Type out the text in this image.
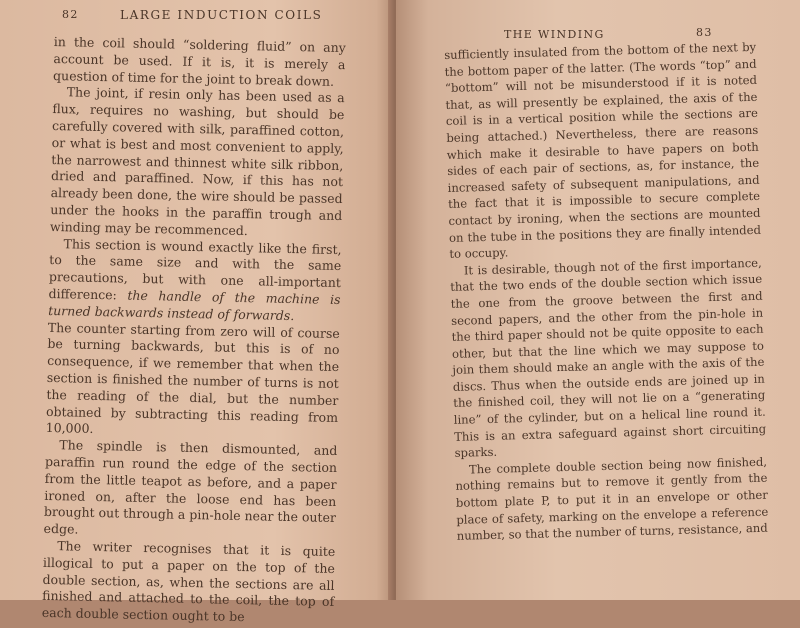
82	LARGE INDUCTION COILS

in the coil should “soldering fluid” on any account be used. If it is, it is merely a question of time for the joint to break down.

The joint, if resin only has been used as a flux, requires no washing, but should be carefully covered with silk, paraffined cotton, or what is best and most convenient to apply, the narrowest and thinnest white silk ribbon, dried and paraffined. Now, if this has not already been done, the wire should be passed under the hooks in the paraffin trough and winding may be recommenced.

This section is wound exactly like the first, to the same size and with the same precautions, but with one all-important difference: the handle of the machine is turned backwards instead of forwards.

The counter starting from zero will of course be turning backwards, but this is of no consequence, if we remember that when the section is finished the number of turns is not the reading of the dial, but the number obtained by subtracting this reading from 10,000.

The spindle is then dismounted, and paraffin run round the edge of the section from the little teapot as before, and a paper ironed on, after the loose end has been brought out through a pin-hole near the outer edge.

The writer recognises that it is quite illogical to put a paper on the top of the double section, as, when the sections are all finished and attached to the coil, the top of each double section ought to be

THE WINDING	83

sufficiently insulated from the bottom of the next by the bottom paper of the latter. (The words “top” and “bottom” will not be misunderstood if it is noted that, as will presently be explained, the axis of the coil is in a vertical position while the sections are being attached.) Nevertheless, there are reasons which make it desirable to have papers on both sides of each pair of sections, as, for instance, the increased safety of subsequent manipulations, and the fact that it is impossible to secure complete contact by ironing, when the sections are mounted on the tube in the positions they are finally intended to occupy.

It is desirable, though not of the first importance, that the two ends of the double section which issue the one from the groove between the first and second papers, and the other from the pin-hole in the third paper should not be quite opposite to each other, but that the line which we may suppose to join them should make an angle with the axis of the discs. Thus when the outside ends are joined up in the finished coil, they will not lie on a “generating line” of the cylinder, but on a helical line round it. This is an extra safeguard against short circuiting sparks.

The complete double section being now finished, nothing remains but to remove it gently from the bottom plate P, to put it in an envelope or other place of safety, marking on the envelope a reference number, so that the number of turns, resistance, and
